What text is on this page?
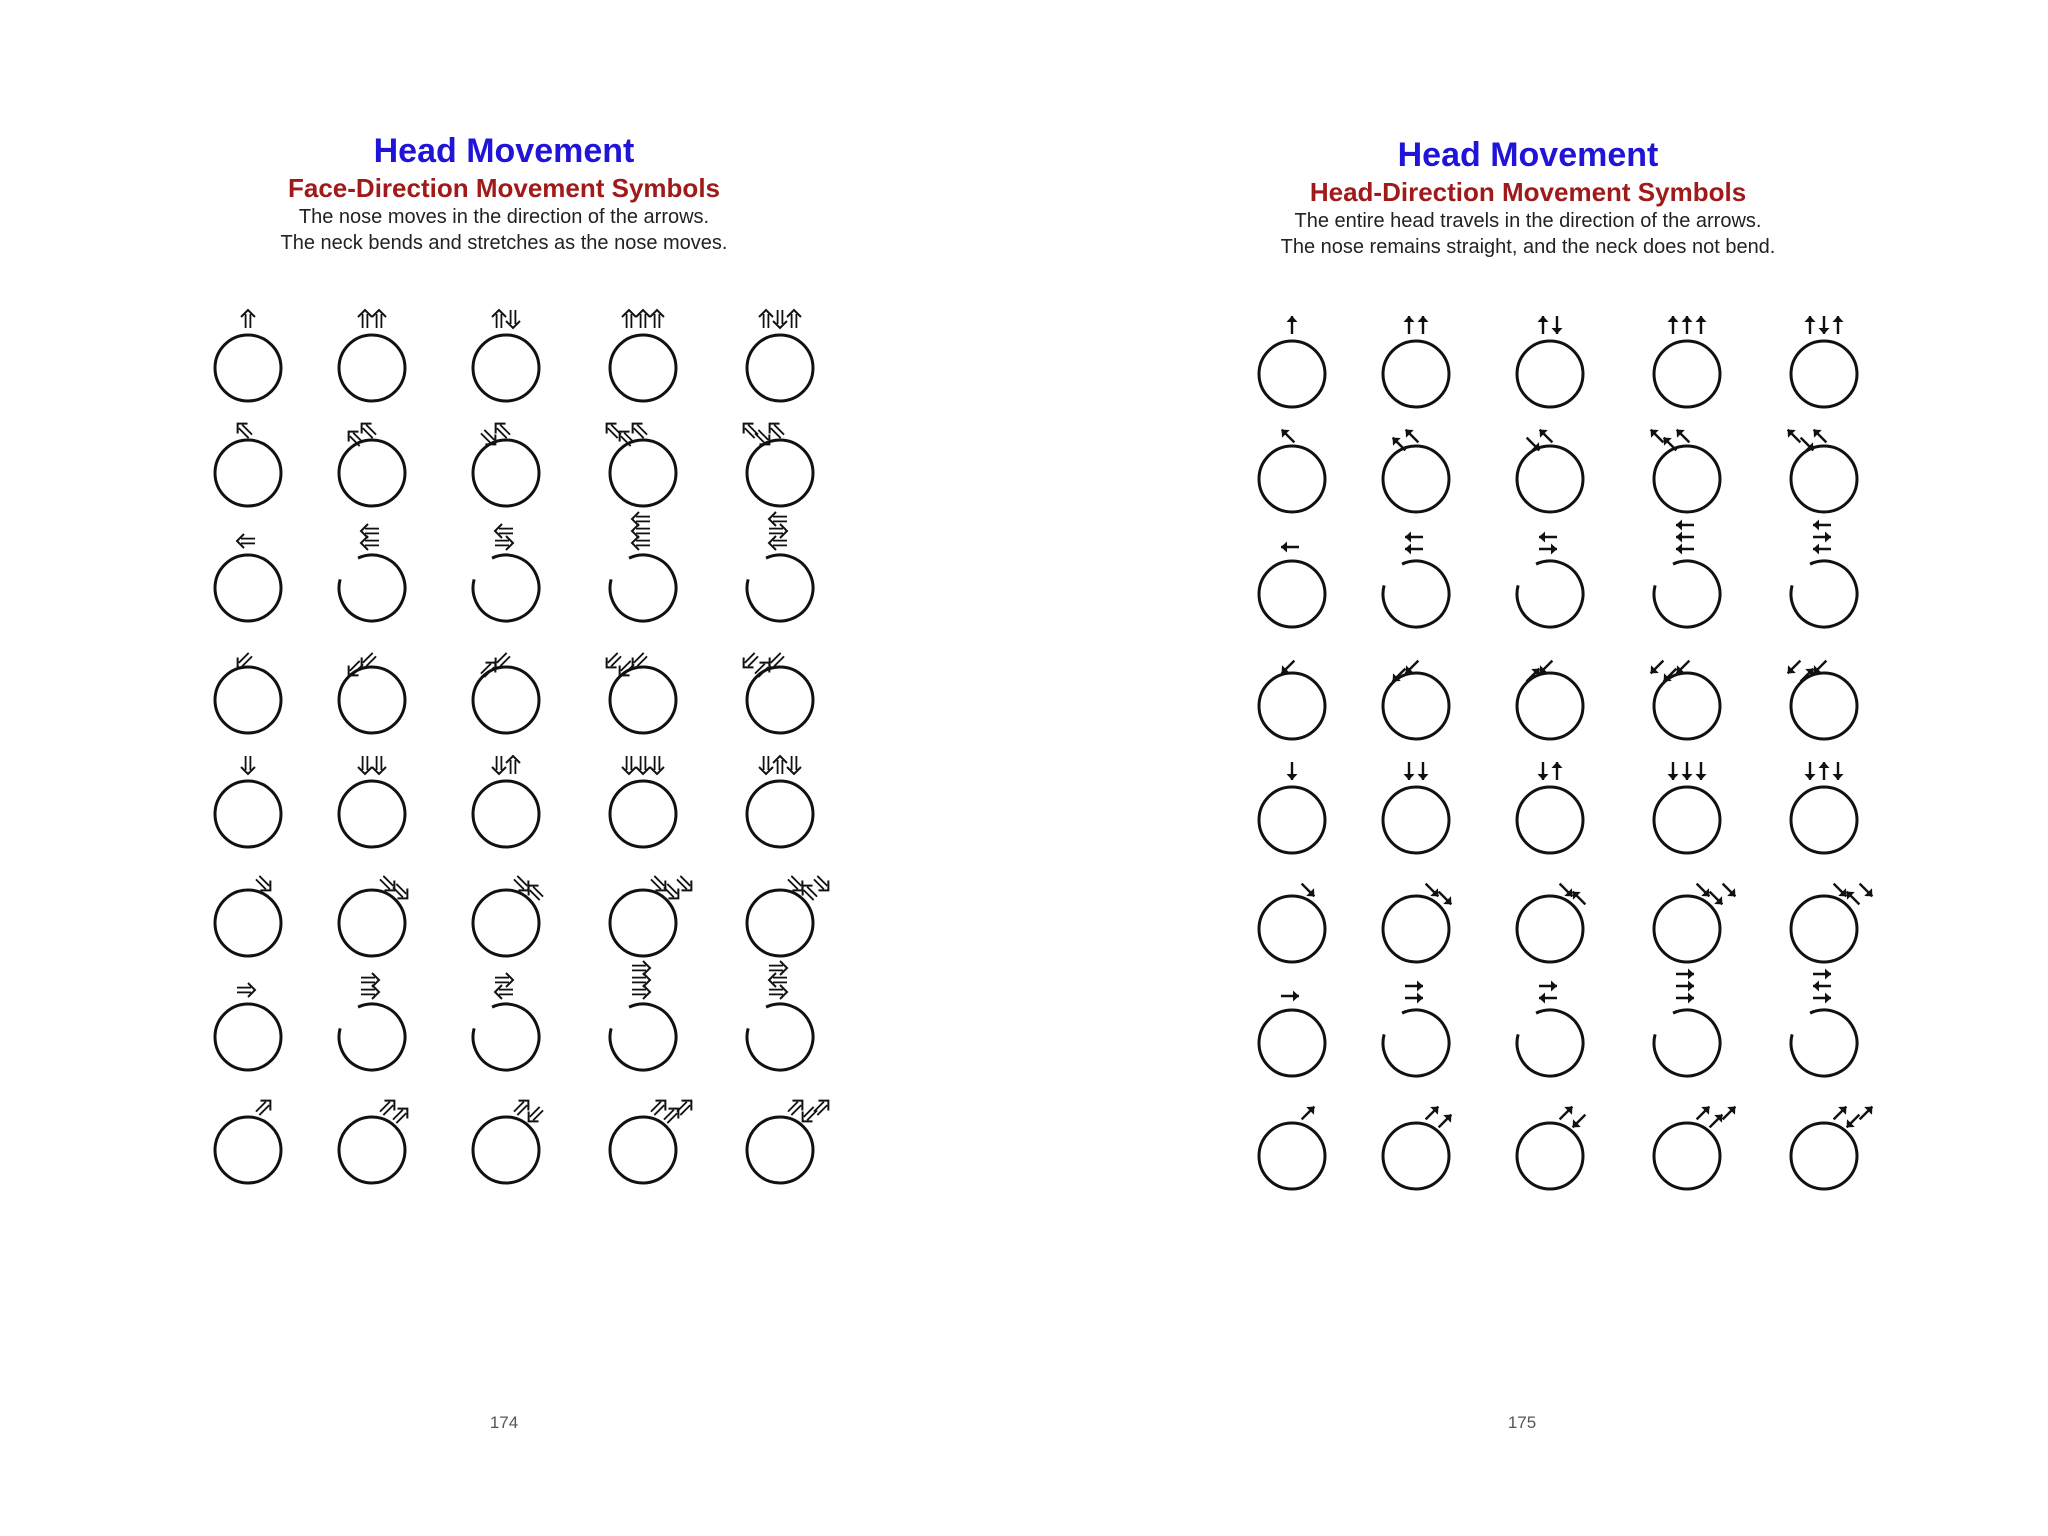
Head Movement
Face-Direction Movement Symbols
The nose moves in the direction of the arrows.
The neck bends and stretches as the nose moves.
174
Head Movement
Head-Direction Movement Symbols
The entire head travels in the direction of the arrows.
The nose remains straight, and the neck does not bend.
175
